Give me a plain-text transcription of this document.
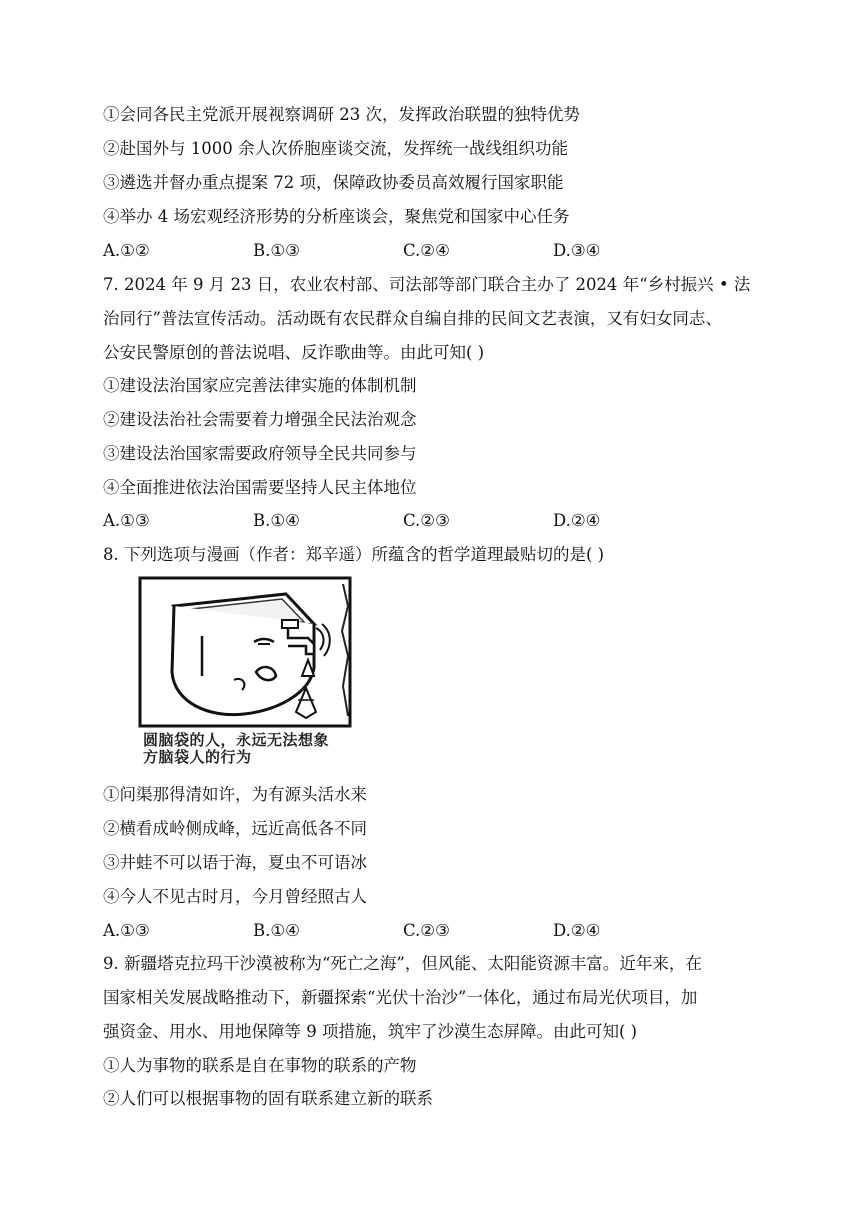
①会同各民主党派开展视察调研 23 次，发挥政治联盟的独特优势
②赴国外与 1000 余人次侨胞座谈交流，发挥统一战线组织功能
③遴选并督办重点提案 72 项，保障政协委员高效履行国家职能
④举办 4 场宏观经济形势的分析座谈会，聚焦党和国家中心任务
A.①②	B.①③	C.②④	D.③④
7. 2024 年 9 月 23 日，农业农村部、司法部等部门联合主办了 2024 年“乡村振兴 • 法
治同行”普法宣传活动。活动既有农民群众自编自排的民间文艺表演，又有妇女同志、
公安民警原创的普法说唱、反诈歌曲等。由此可知( )
①建设法治国家应完善法律实施的体制机制
②建设法治社会需要着力增强全民法治观念
③建设法治国家需要政府领导全民共同参与
④全面推进依法治国需要坚持人民主体地位
A.①③	B.①④	C.②③	D.②④
8. 下列选项与漫画（作者：郑辛遥）所蕴含的哲学道理最贴切的是( )
圆脑袋的人，永远无法想象
方脑袋人的行为
①问渠那得清如许，为有源头活水来
②横看成岭侧成峰，远近高低各不同
③井蛙不可以语于海，夏虫不可语冰
④今人不见古时月，今月曾经照古人
A.①③	B.①④	C.②③	D.②④
9. 新疆塔克拉玛干沙漠被称为“死亡之海”，但风能、太阳能资源丰富。近年来，在
国家相关发展战略推动下，新疆探索“光伏十治沙”一体化，通过布局光伏项目，加
强资金、用水、用地保障等 9 项措施，筑牢了沙漠生态屏障。由此可知( )
①人为事物的联系是自在事物的联系的产物
②人们可以根据事物的固有联系建立新的联系
